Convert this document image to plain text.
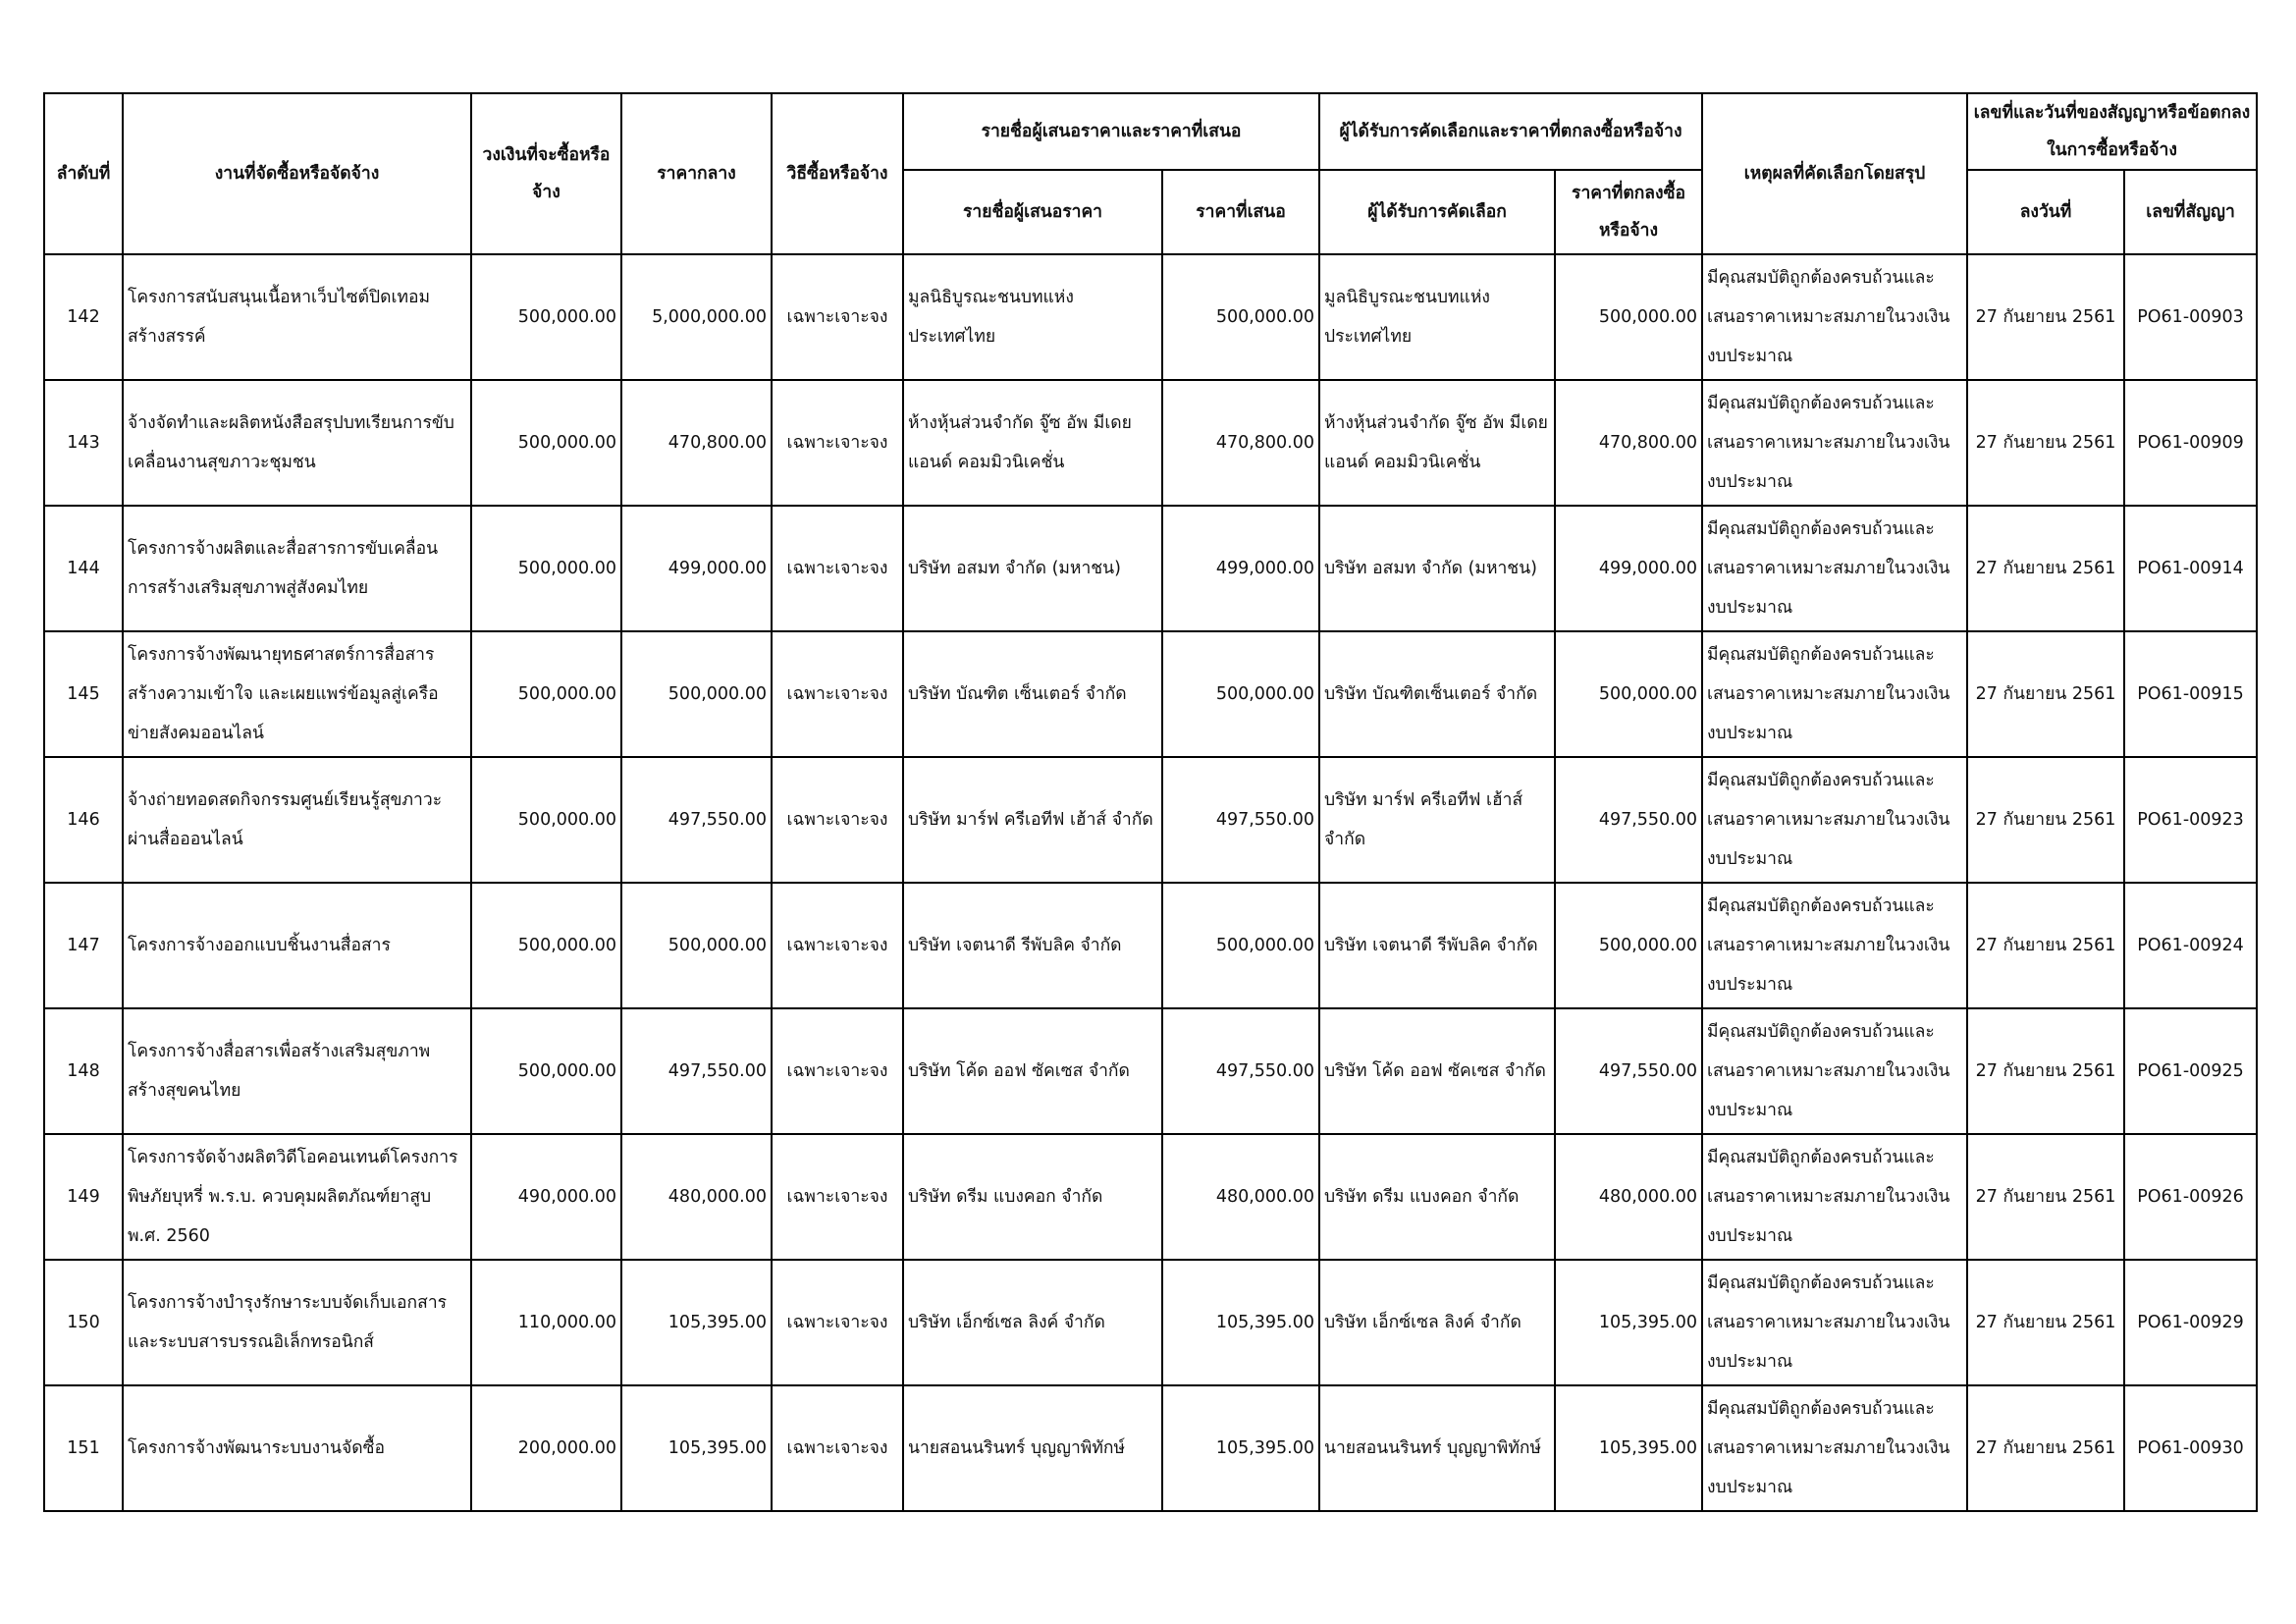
ลำดับที่	งานที่จัดซื้อหรือจัดจ้าง	วงเงินที่จะซื้อหรือจ้าง	ราคากลาง	วิธีซื้อหรือจ้าง	รายชื่อผู้เสนอราคาและราคาที่เสนอ		ผู้ได้รับการคัดเลือกและราคาที่ตกลงซื้อหรือจ้าง		เหตุผลที่คัดเลือกโดยสรุป	เลขที่และวันที่ของสัญญาหรือข้อตกลงในการซื้อหรือจ้าง	
					รายชื่อผู้เสนอราคา	ราคาที่เสนอ	ผู้ได้รับการคัดเลือก	ราคาที่ตกลงซื้อหรือจ้าง		ลงวันที่	เลขที่สัญญา
142	โครงการสนับสนุนเนื้อหาเว็บไซต์ปิดเทอมสร้างสรรค์	500,000.00	5,000,000.00	เฉพาะเจาะจง	มูลนิธิบูรณะชนบทแห่งประเทศไทย	500,000.00	มูลนิธิบูรณะชนบทแห่งประเทศไทย	500,000.00	มีคุณสมบัติถูกต้องครบถ้วนและเสนอราคาเหมาะสมภายในวงเงินงบประมาณ	27 กันยายน 2561	PO61-00903
143	จ้างจัดทำและผลิตหนังสือสรุปบทเรียนการขับเคลื่อนงานสุขภาวะชุมชน	500,000.00	470,800.00	เฉพาะเจาะจง	ห้างหุ้นส่วนจำกัด จู๊ซ อัพ มีเดย แอนด์ คอมมิวนิเคชั่น	470,800.00	ห้างหุ้นส่วนจำกัด จู๊ซ อัพ มีเดย แอนด์ คอมมิวนิเคชั่น	470,800.00	มีคุณสมบัติถูกต้องครบถ้วนและเสนอราคาเหมาะสมภายในวงเงินงบประมาณ	27 กันยายน 2561	PO61-00909
144	โครงการจ้างผลิตและสื่อสารการขับเคลื่อนการสร้างเสริมสุขภาพสู่สังคมไทย	500,000.00	499,000.00	เฉพาะเจาะจง	บริษัท อสมท จำกัด (มหาชน)	499,000.00	บริษัท อสมท จำกัด (มหาชน)	499,000.00	มีคุณสมบัติถูกต้องครบถ้วนและเสนอราคาเหมาะสมภายในวงเงินงบประมาณ	27 กันยายน 2561	PO61-00914
145	โครงการจ้างพัฒนายุทธศาสตร์การสื่อสารสร้างความเข้าใจ และเผยแพร่ข้อมูลสู่เครือข่ายสังคมออนไลน์	500,000.00	500,000.00	เฉพาะเจาะจง	บริษัท บัณฑิต เซ็นเตอร์ จำกัด	500,000.00	บริษัท บัณฑิตเซ็นเตอร์ จำกัด	500,000.00	มีคุณสมบัติถูกต้องครบถ้วนและเสนอราคาเหมาะสมภายในวงเงินงบประมาณ	27 กันยายน 2561	PO61-00915
146	จ้างถ่ายทอดสดกิจกรรมศูนย์เรียนรู้สุขภาวะผ่านสื่อออนไลน์	500,000.00	497,550.00	เฉพาะเจาะจง	บริษัท มาร์ฟ ครีเอทีฟ เฮ้าส์ จำกัด	497,550.00	บริษัท มาร์ฟ ครีเอทีฟ เฮ้าส์ จำกัด	497,550.00	มีคุณสมบัติถูกต้องครบถ้วนและเสนอราคาเหมาะสมภายในวงเงินงบประมาณ	27 กันยายน 2561	PO61-00923
147	โครงการจ้างออกแบบชิ้นงานสื่อสาร	500,000.00	500,000.00	เฉพาะเจาะจง	บริษัท เจตนาดี รีพับลิค จำกัด	500,000.00	บริษัท เจตนาดี รีพับลิค จำกัด	500,000.00	มีคุณสมบัติถูกต้องครบถ้วนและเสนอราคาเหมาะสมภายในวงเงินงบประมาณ	27 กันยายน 2561	PO61-00924
148	โครงการจ้างสื่อสารเพื่อสร้างเสริมสุขภาพสร้างสุขคนไทย	500,000.00	497,550.00	เฉพาะเจาะจง	บริษัท โค้ด ออฟ ซัคเซส จำกัด	497,550.00	บริษัท โค้ด ออฟ ซัคเซส จำกัด	497,550.00	มีคุณสมบัติถูกต้องครบถ้วนและเสนอราคาเหมาะสมภายในวงเงินงบประมาณ	27 กันยายน 2561	PO61-00925
149	โครงการจัดจ้างผลิตวิดีโอคอนเทนต์โครงการพิษภัยบุหรี่ พ.ร.บ. ควบคุมผลิตภัณฑ์ยาสูบ พ.ศ. 2560	490,000.00	480,000.00	เฉพาะเจาะจง	บริษัท ดรีม แบงคอก จำกัด	480,000.00	บริษัท ดรีม แบงคอก จำกัด	480,000.00	มีคุณสมบัติถูกต้องครบถ้วนและเสนอราคาเหมาะสมภายในวงเงินงบประมาณ	27 กันยายน 2561	PO61-00926
150	โครงการจ้างบำรุงรักษาระบบจัดเก็บเอกสารและระบบสารบรรณอิเล็กทรอนิกส์	110,000.00	105,395.00	เฉพาะเจาะจง	บริษัท เอ็กซ์เซล ลิงค์ จำกัด	105,395.00	บริษัท เอ็กซ์เซล ลิงค์ จำกัด	105,395.00	มีคุณสมบัติถูกต้องครบถ้วนและเสนอราคาเหมาะสมภายในวงเงินงบประมาณ	27 กันยายน 2561	PO61-00929
151	โครงการจ้างพัฒนาระบบงานจัดซื้อ	200,000.00	105,395.00	เฉพาะเจาะจง	นายสอนนรินทร์ บุญญาพิทักษ์	105,395.00	นายสอนนรินทร์ บุญญาพิทักษ์	105,395.00	มีคุณสมบัติถูกต้องครบถ้วนและเสนอราคาเหมาะสมภายในวงเงินงบประมาณ	27 กันยายน 2561	PO61-00930
